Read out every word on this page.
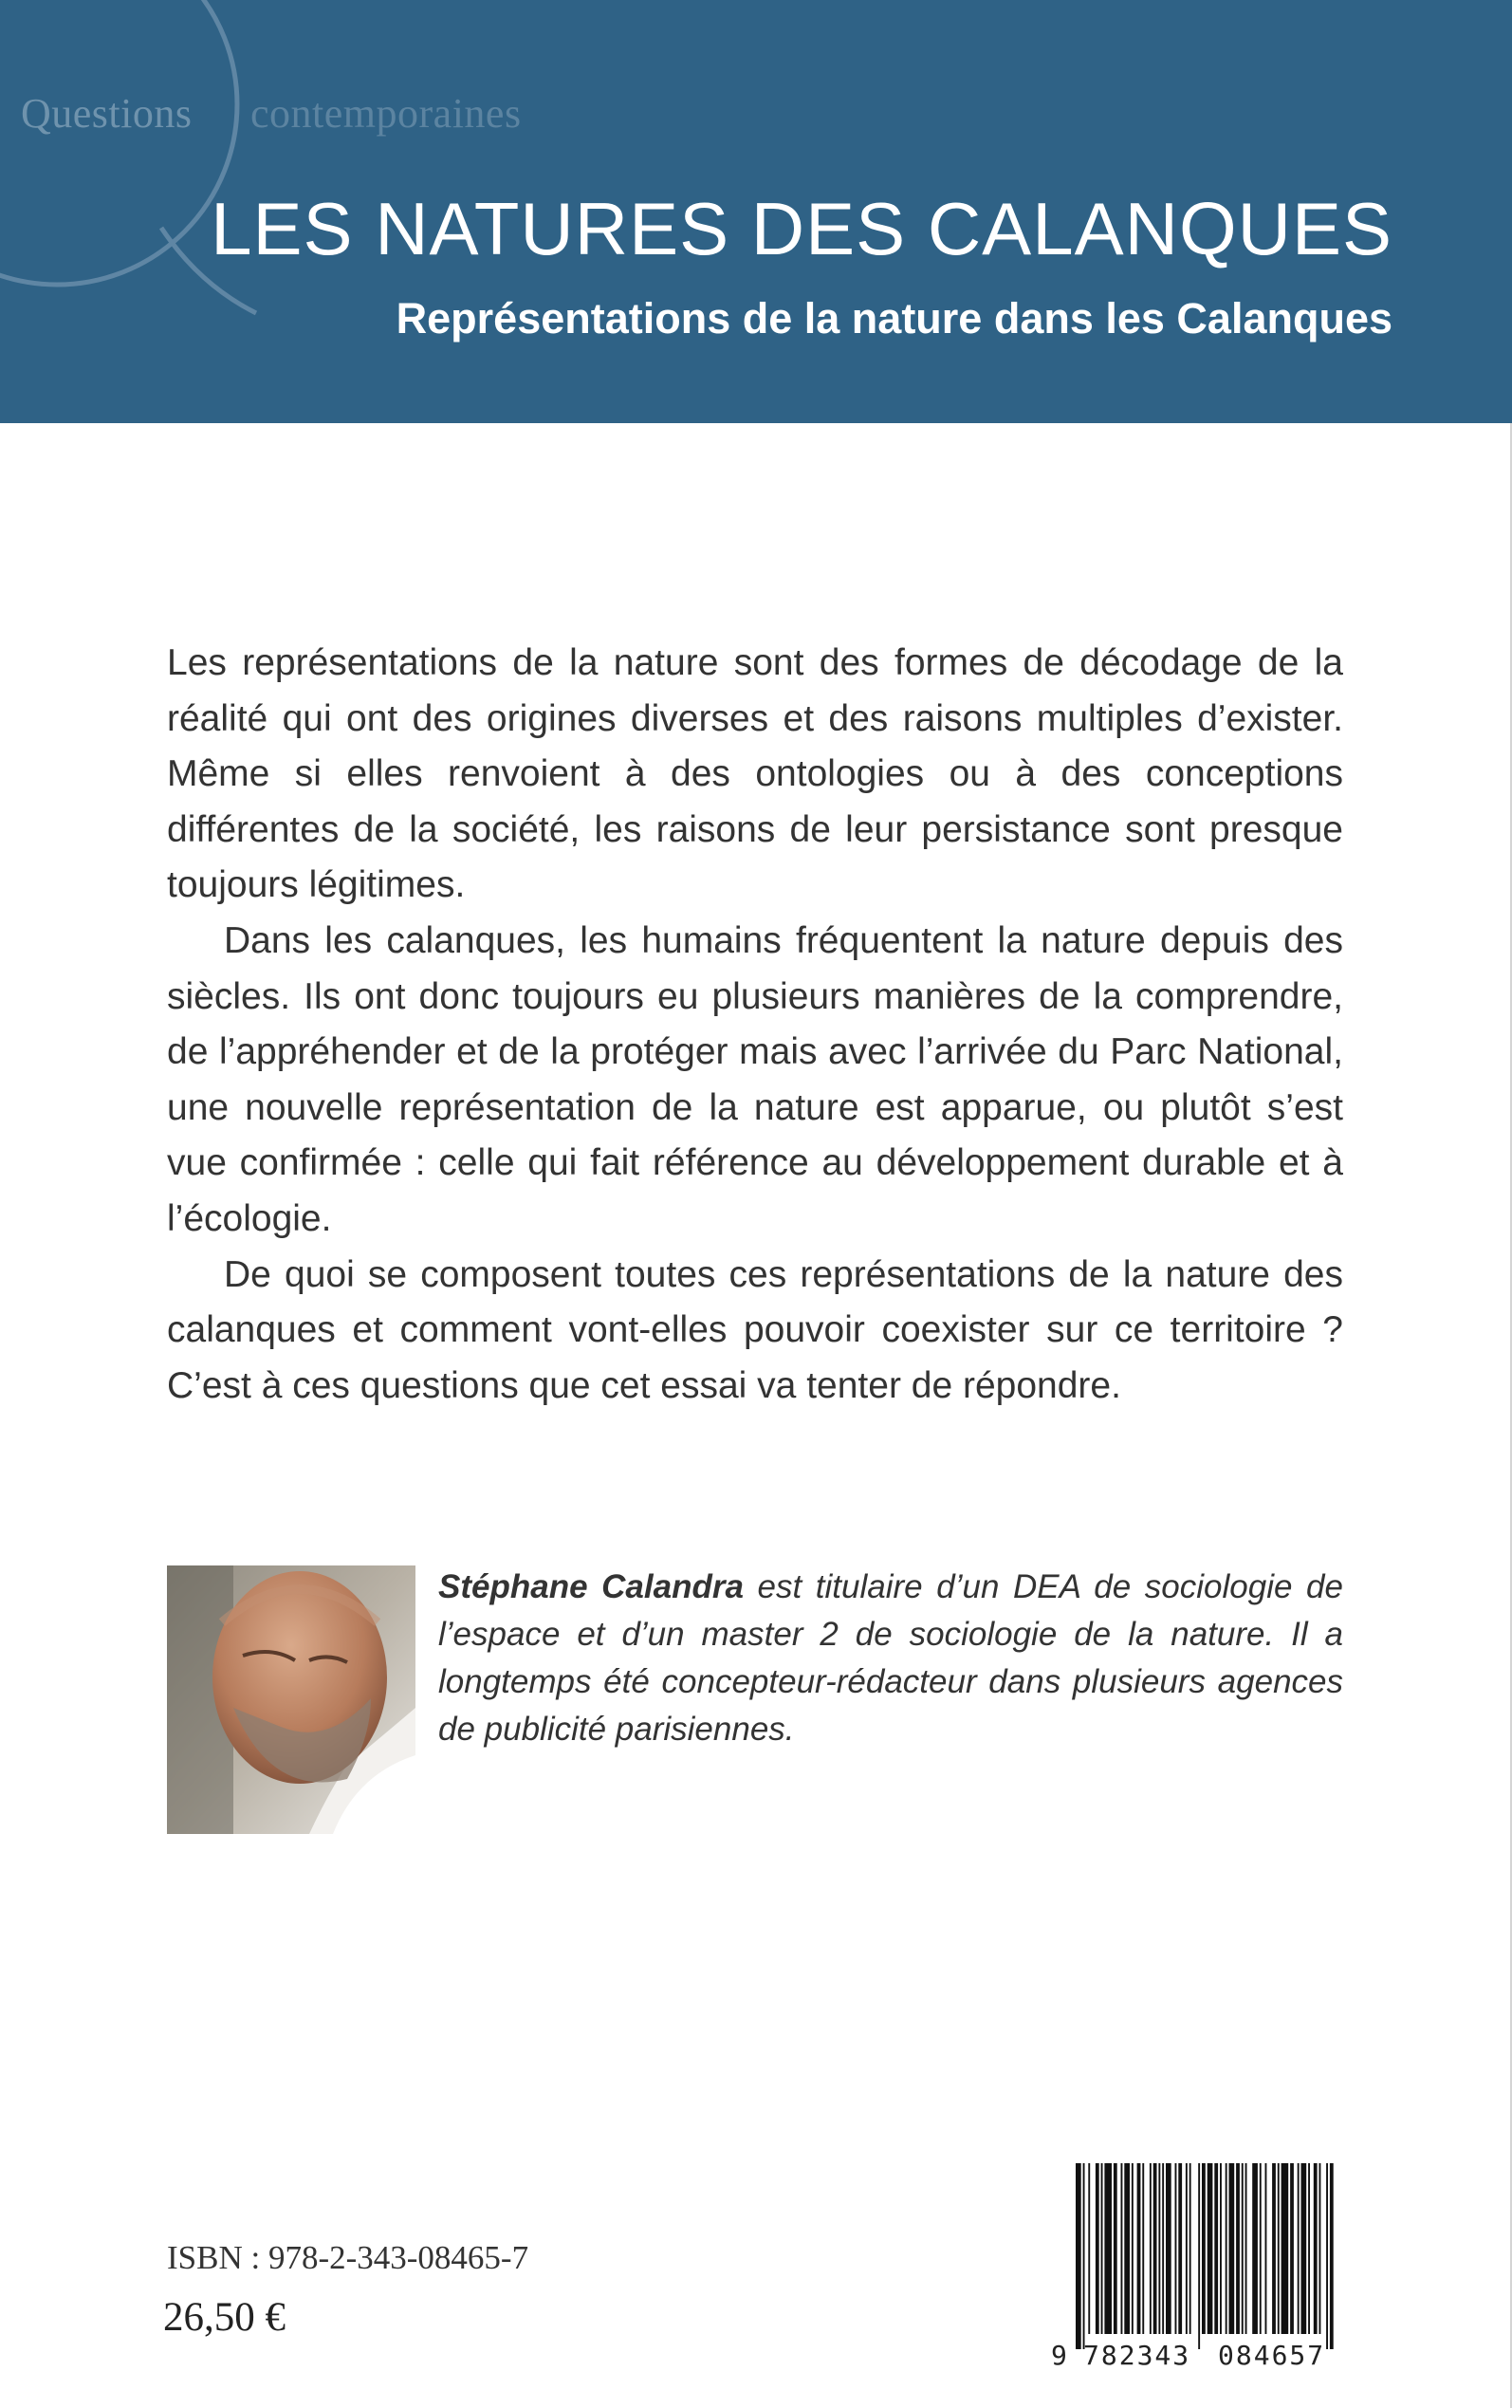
Questions contemporaines
LES NATURES DES CALANQUES
Représentations de la nature dans les Calanques

Les représentations de la nature sont des formes de décodage de la réalité qui ont des origines diverses et des raisons multiples d’exister. Même si elles renvoient à des ontologies ou à des conceptions différentes de la société, les raisons de leur persistance sont presque toujours légitimes.

Dans les calanques, les humains fréquentent la nature depuis des siècles. Ils ont donc toujours eu plusieurs manières de la comprendre, de l’appréhender et de la protéger mais avec l’arrivée du Parc National, une nouvelle représentation de la nature est apparue, ou plutôt s’est vue confirmée : celle qui fait référence au développement durable et à l’écologie.

De quoi se composent toutes ces représentations de la nature des calanques et comment vont-elles pouvoir coexister sur ce territoire ? C’est à ces questions que cet essai va tenter de répondre.

Stéphane Calandra est titulaire d’un DEA de sociologie de l’espace et d’un master 2 de sociologie de la nature. Il a longtemps été concepteur-rédacteur dans plusieurs agences de publicité parisiennes.

ISBN : 978-2-343-08465-7
26,50 €
9 782343 084657
